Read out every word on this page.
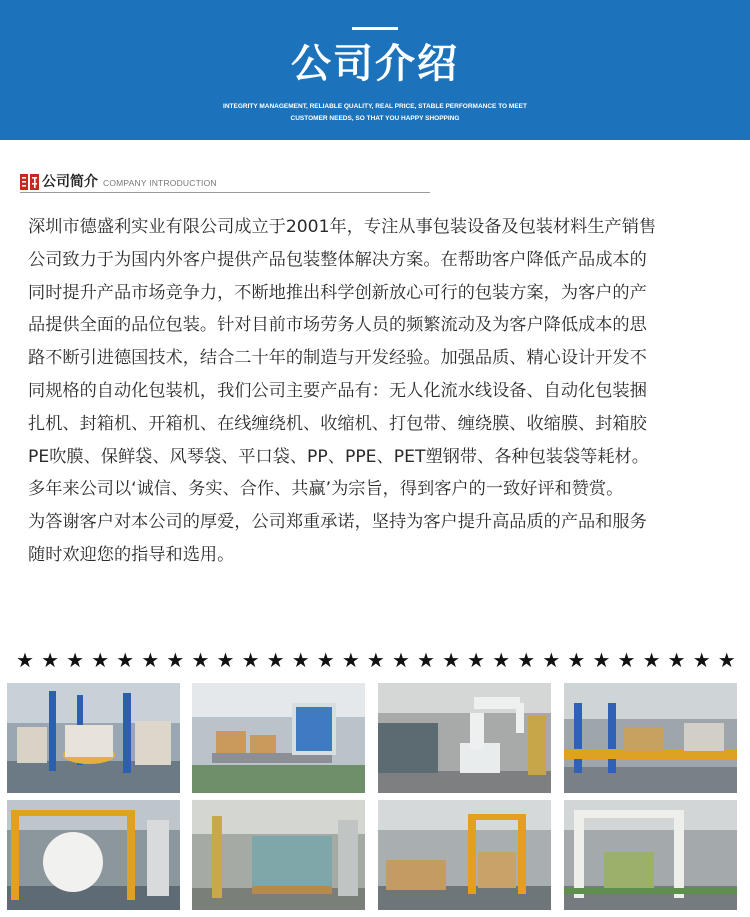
公司介绍
INTEGRITY MANAGEMENT, RELIABLE QUALITY, REAL PRICE, STABLE PERFORMANCE TO MEET
CUSTOMER NEEDS, SO THAT YOU HAPPY SHOPPING
公司简介 COMPANY INTRODUCTION
深圳市德盛利实业有限公司成立于2001年，专注从事包装设备及包装材料生产销售
公司致力于为国内外客户提供产品包装整体解决方案。在帮助客户降低产品成本的
同时提升产品市场竞争力，不断地推出科学创新放心可行的包装方案，为客户的产
品提供全面的品位包装。针对目前市场劳务人员的频繁流动及为客户降低成本的思
路不断引进德国技术，结合二十年的制造与开发经验。加强品质、精心设计开发不
同规格的自动化包装机，我们公司主要产品有：无人化流水线设备、自动化包装捆
扎机、封箱机、开箱机、在线缠绕机、收缩机、打包带、缠绕膜、收缩膜、封箱胶
PE吹膜、保鲜袋、风琴袋、平口袋、PP、PPE、PET塑钢带、各种包装袋等耗材。
多年来公司以‘诚信、务实、合作、共赢’为宗旨，得到客户的一致好评和赞赏。
为答谢客户对本公司的厚爱，公司郑重承诺，坚持为客户提升高品质的产品和服务
随时欢迎您的指导和选用。
★ ★ ★ ★ ★ ★ ★ ★ ★ ★ ★ ★ ★ ★ ★ ★ ★ ★ ★ ★ ★ ★ ★ ★ ★ ★ ★ ★ ★
